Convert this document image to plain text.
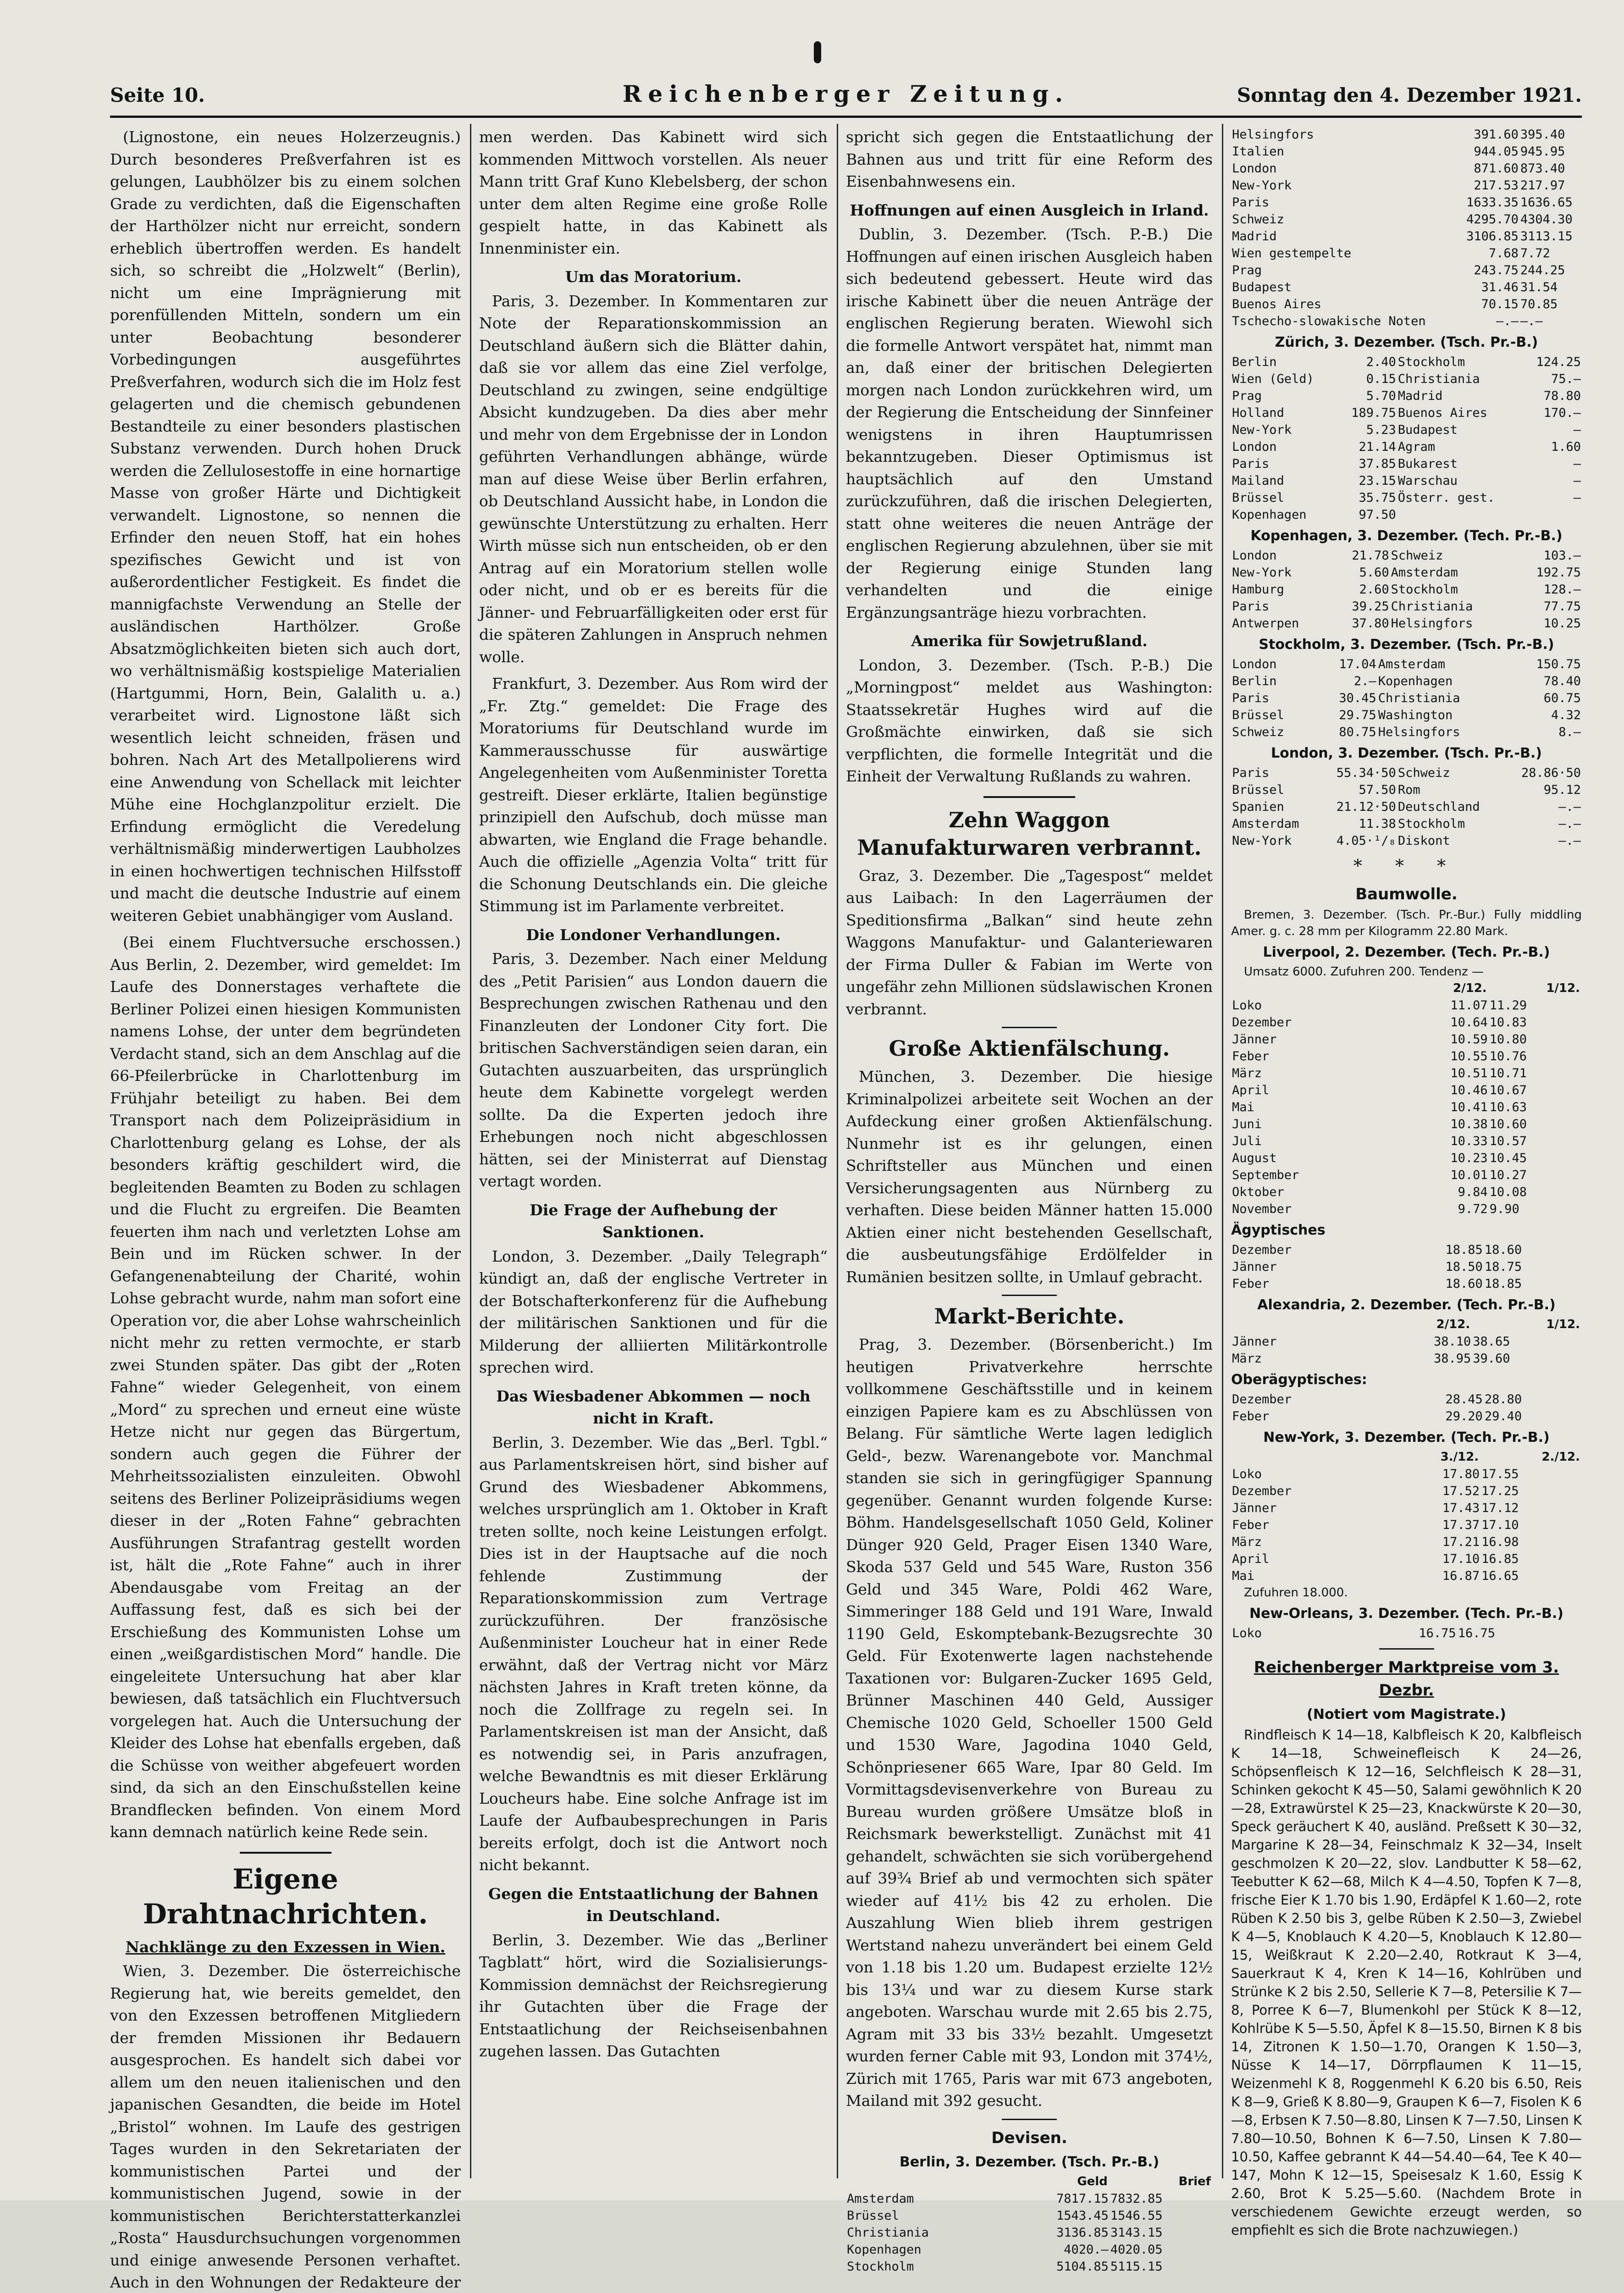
Seite 10.	Reichenberger Zeitung.	Sonntag den 4. Dezember 1921.

(Lignostone, ein neues Holzerzeugnis.) Durch besonderes Preßverfahren ist es gelungen, Laubhölzer bis zu einem solchen Grade zu verdichten, daß die Eigenschaften der Harthölzer nicht nur erreicht, sondern erheblich übertroffen werden. Es handelt sich, so schreibt die „Holzwelt“ (Berlin), nicht um eine Imprägnierung mit porenfüllenden Mitteln, sondern um ein unter Beobachtung besonderer Vorbedingungen ausgeführtes Preßverfahren, wodurch sich die im Holz fest gelagerten und die chemisch gebundenen Bestandteile zu einer besonders plastischen Substanz verwenden. Durch hohen Druck werden die Zellulosestoffe in eine hornartige Masse von großer Härte und Dichtigkeit verwandelt. Lignostone, so nennen die Erfinder den neuen Stoff, hat ein hohes spezifisches Gewicht und ist von außerordentlicher Festigkeit. Es findet die mannigfachste Verwendung an Stelle der ausländischen Harthölzer. Große Absatzmöglichkeiten bieten sich auch dort, wo verhältnismäßig kostspielige Materialien (Hartgummi, Horn, Bein, Galalith u. a.) verarbeitet wird. Lignostone läßt sich wesentlich leicht schneiden, fräsen und bohren. Nach Art des Metallpolierens wird eine Anwendung von Schellack mit leichter Mühe eine Hochglanzpolitur erzielt. Die Erfindung ermöglicht die Veredelung verhältnismäßig minderwertigen Laubholzes in einen hochwertigen technischen Hilfsstoff und macht die deutsche Industrie auf einem weiteren Gebiet unabhängiger vom Ausland.

(Bei einem Fluchtversuche erschossen.) Aus Berlin, 2. Dezember, wird gemeldet: Im Laufe des Donnerstages verhaftete die Berliner Polizei einen hiesigen Kommunisten namens Lohse, der unter dem begründeten Verdacht stand, sich an dem Anschlag auf die 66-Pfeilerbrücke in Charlottenburg im Frühjahr beteiligt zu haben. Bei dem Transport nach dem Polizeipräsidium in Charlottenburg gelang es Lohse, der als besonders kräftig geschildert wird, die begleitenden Beamten zu Boden zu schlagen und die Flucht zu ergreifen. Die Beamten feuerten ihm nach und verletzten Lohse am Bein und im Rücken schwer. In der Gefangenenabteilung der Charité, wohin Lohse gebracht wurde, nahm man sofort eine Operation vor, die aber Lohse wahrscheinlich nicht mehr zu retten vermochte, er starb zwei Stunden später. Das gibt der „Roten Fahne“ wieder Gelegenheit, von einem „Mord“ zu sprechen und erneut eine wüste Hetze nicht nur gegen das Bürgertum, sondern auch gegen die Führer der Mehrheitssozialisten einzuleiten. Obwohl seitens des Berliner Polizeipräsidiums wegen dieser in der „Roten Fahne“ gebrachten Ausführungen Strafantrag gestellt worden ist, hält die „Rote Fahne“ auch in ihrer Abendausgabe vom Freitag an der Auffassung fest, daß es sich bei der Erschießung des Kommunisten Lohse um einen „weißgardistischen Mord“ handle. Die eingeleitete Untersuchung hat aber klar bewiesen, daß tatsächlich ein Fluchtversuch vorgelegen hat. Auch die Untersuchung der Kleider des Lohse hat ebenfalls ergeben, daß die Schüsse von weither abgefeuert worden sind, da sich an den Einschußstellen keine Brandflecken befinden. Von einem Mord kann demnach natürlich keine Rede sein.

Eigene Drahtnachrichten.
Nachklänge zu den Exzessen in Wien.

Wien, 3. Dezember. Die österreichische Regierung hat, wie bereits gemeldet, den von den Exzessen betroffenen Mitgliedern der fremden Missionen ihr Bedauern ausgesprochen. Es handelt sich dabei vor allem um den neuen italienischen und den japanischen Gesandten, die beide im Hotel „Bristol“ wohnen. Im Laufe des gestrigen Tages wurden in den Sekretariaten der kommunistischen Partei und der kommunistischen Jugend, sowie in der kommunistischen Berichterstatterkanzlei „Rosta“ Hausdurchsuchungen vorgenommen und einige anwesende Personen verhaftet. Auch in den Wohnungen der Redakteure der

men werden. Das Kabinett wird sich kommenden Mittwoch vorstellen. Als neuer Mann tritt Graf Kuno Klebelsberg, der schon unter dem alten Regime eine große Rolle gespielt hatte, in das Kabinett als Innenminister ein.

Um das Moratorium.

Paris, 3. Dezember. In Kommentaren zur Note der Reparationskommission an Deutschland äußern sich die Blätter dahin, daß sie vor allem das eine Ziel verfolge, Deutschland zu zwingen, seine endgültige Absicht kundzugeben. Da dies aber mehr und mehr von dem Ergebnisse der in London geführten Verhandlungen abhänge, würde man auf diese Weise über Berlin erfahren, ob Deutschland Aussicht habe, in London die gewünschte Unterstützung zu erhalten. Herr Wirth müsse sich nun entscheiden, ob er den Antrag auf ein Moratorium stellen wolle oder nicht, und ob er es bereits für die Jänner- und Februarfälligkeiten oder erst für die späteren Zahlungen in Anspruch nehmen wolle.

Frankfurt, 3. Dezember. Aus Rom wird der „Fr. Ztg.“ gemeldet: Die Frage des Moratoriums für Deutschland wurde im Kammerausschusse für auswärtige Angelegenheiten vom Außenminister Toretta gestreift. Dieser erklärte, Italien begünstige prinzipiell den Aufschub, doch müsse man abwarten, wie England die Frage behandle. Auch die offizielle „Agenzia Volta“ tritt für die Schonung Deutschlands ein. Die gleiche Stimmung ist im Parlamente verbreitet.

Die Londoner Verhandlungen.

Paris, 3. Dezember. Nach einer Meldung des „Petit Parisien“ aus London dauern die Besprechungen zwischen Rathenau und den Finanzleuten der Londoner City fort. Die britischen Sachverständigen seien daran, ein Gutachten auszuarbeiten, das ursprünglich heute dem Kabinette vorgelegt werden sollte. Da die Experten jedoch ihre Erhebungen noch nicht abgeschlossen hätten, sei der Ministerrat auf Dienstag vertagt worden.

Die Frage der Aufhebung der Sanktionen.

London, 3. Dezember. „Daily Telegraph“ kündigt an, daß der englische Vertreter in der Botschafterkonferenz für die Aufhebung der militärischen Sanktionen und für die Milderung der alliierten Militärkontrolle sprechen wird.

Das Wiesbadener Abkommen — noch nicht in Kraft.

Berlin, 3. Dezember. Wie das „Berl. Tgbl.“ aus Parlamentskreisen hört, sind bisher auf Grund des Wiesbadener Abkommens, welches ursprünglich am 1. Oktober in Kraft treten sollte, noch keine Leistungen erfolgt. Dies ist in der Hauptsache auf die noch fehlende Zustimmung der Reparationskommission zum Vertrage zurückzuführen. Der französische Außenminister Loucheur hat in einer Rede erwähnt, daß der Vertrag nicht vor März nächsten Jahres in Kraft treten könne, da noch die Zollfrage zu regeln sei. In Parlamentskreisen ist man der Ansicht, daß es notwendig sei, in Paris anzufragen, welche Bewandtnis es mit dieser Erklärung Loucheurs habe. Eine solche Anfrage ist im Laufe der Aufbaubesprechungen in Paris bereits erfolgt, doch ist die Antwort noch nicht bekannt.

Gegen die Entstaatlichung der Bahnen in Deutschland.

Berlin, 3. Dezember. Wie das „Berliner Tagblatt“ hört, wird die Sozialisierungs-Kommission demnächst der Reichsregierung ihr Gutachten über die Frage der Entstaatlichung der Reichseisenbahnen zugehen lassen. Das Gutachten

spricht sich gegen die Entstaatlichung der Bahnen aus und tritt für eine Reform des Eisenbahnwesens ein.

Hoffnungen auf einen Ausgleich in Irland.

Dublin, 3. Dezember. (Tsch. P.-B.) Die Hoffnungen auf einen irischen Ausgleich haben sich bedeutend gebessert. Heute wird das irische Kabinett über die neuen Anträge der englischen Regierung beraten. Wiewohl sich die formelle Antwort verspätet hat, nimmt man an, daß einer der britischen Delegierten morgen nach London zurückkehren wird, um der Regierung die Entscheidung der Sinnfeiner wenigstens in ihren Hauptumrissen bekanntzugeben. Dieser Optimismus ist hauptsächlich auf den Umstand zurückzuführen, daß die irischen Delegierten, statt ohne weiteres die neuen Anträge der englischen Regierung abzulehnen, über sie mit der Regierung einige Stunden lang verhandelten und die einige Ergänzungsanträge hiezu vorbrachten.

Amerika für Sowjetrußland.

London, 3. Dezember. (Tsch. P.-B.) Die „Morningpost“ meldet aus Washington: Staatssekretär Hughes wird auf die Großmächte einwirken, daß sie sich verpflichten, die formelle Integrität und die Einheit der Verwaltung Rußlands zu wahren.

Zehn Waggon Manufakturwaren verbrannt.

Graz, 3. Dezember. Die „Tagespost“ meldet aus Laibach: In den Lagerräumen der Speditionsfirma „Balkan“ sind heute zehn Waggons Manufaktur- und Galanteriewaren der Firma Duller & Fabian im Werte von ungefähr zehn Millionen südslawischen Kronen verbrannt.

Große Aktienfälschung.

München, 3. Dezember. Die hiesige Kriminalpolizei arbeitete seit Wochen an der Aufdeckung einer großen Aktienfälschung. Nunmehr ist es ihr gelungen, einen Schriftsteller aus München und einen Versicherungsagenten aus Nürnberg zu verhaften. Diese beiden Männer hatten 15.000 Aktien einer nicht bestehenden Gesellschaft, die ausbeutungsfähige Erdölfelder in Rumänien besitzen sollte, in Umlauf gebracht.

Markt-Berichte.

Prag, 3. Dezember. (Börsenbericht.) Im heutigen Privatverkehre herrschte vollkommene Geschäftsstille und in keinem einzigen Papiere kam es zu Abschlüssen von Belang. Für sämtliche Werte lagen lediglich Geld-, bezw. Warenangebote vor. Manchmal standen sie sich in geringfügiger Spannung gegenüber. Genannt wurden folgende Kurse: Böhm. Handelsgesellschaft 1050 Geld, Koliner Dünger 920 Geld, Prager Eisen 1340 Ware, Skoda 537 Geld und 545 Ware, Ruston 356 Geld und 345 Ware, Poldi 462 Ware, Simmeringer 188 Geld und 191 Ware, Inwald 1190 Geld, Eskomptebank-Bezugsrechte 30 Geld. Für Exotenwerte lagen nachstehende Taxationen vor: Bulgaren-Zucker 1695 Geld, Brünner Maschinen 440 Geld, Aussiger Chemische 1020 Geld, Schoeller 1500 Geld und 1530 Ware, Jagodina 1040 Geld, Schönpriesener 665 Ware, Ipar 80 Geld. Im Vormittagsdevisenverkehre von Bureau zu Bureau wurden größere Umsätze bloß in Reichsmark bewerkstelligt. Zunächst mit 41 gehandelt, schwächten sie sich vorübergehend auf 39¾ Brief ab und vermochten sich später wieder auf 41½ bis 42 zu erholen. Die Auszahlung Wien blieb ihrem gestrigen Wertstand nahezu unverändert bei einem Geld von 1.18 bis 1.20 um. Budapest erzielte 12½ bis 13¼ und war zu diesem Kurse stark angeboten. Warschau wurde mit 2.65 bis 2.75, Agram mit 33 bis 33½ bezahlt. Umgesetzt wurden ferner Cable mit 93, London mit 374½, Zürich mit 1765, Paris war mit 673 angeboten, Mailand mit 392 gesucht.

Devisen.
Berlin, 3. Dezember. (Tsch. Pr.-B.)
	Geld	Brief
Amsterdam	7817.15	7832.85
Brüssel	1543.45	1546.55
Christiania	3136.85	3143.15
Kopenhagen	4020.—	4020.05
Stockholm	5104.85	5115.15
Helsingfors	391.60	395.40
Italien	944.05	945.95
London	871.60	873.40
New-York	217.53	217.97
Paris	1633.35	1636.65
Schweiz	4295.70	4304.30
Madrid	3106.85	3113.15
Wien gestempelte	7.68	7.72
Prag	243.75	244.25
Budapest	31.46	31.54
Buenos Aires	70.15	70.85
Tschecho-slowakische Noten	—.—	—.—
Zürich, 3. Dezember. (Tsch. Pr.-B.)
Berlin	2.40	Stockholm	124.25
Wien (Geld)	0.15	Christiania	75.—
Prag	5.70	Madrid	78.80
Holland	189.75	Buenos Aires	170.—
New-York	5.23	Budapest	—
London	21.14	Agram	1.60
Paris	37.85	Bukarest	—
Mailand	23.15	Warschau	—
Brüssel	35.75	Österr. gest.	—
Kopenhagen	97.50		
Kopenhagen, 3. Dezember. (Tech. Pr.-B.)
London	21.78	Schweiz	103.—
New-York	5.60	Amsterdam	192.75
Hamburg	2.60	Stockholm	128.—
Paris	39.25	Christiania	77.75
Antwerpen	37.80	Helsingfors	10.25
Stockholm, 3. Dezember. (Tsch. Pr.-B.)
London	17.04	Amsterdam	150.75
Berlin	2.—	Kopenhagen	78.40
Paris	30.45	Christiania	60.75
Brüssel	29.75	Washington	4.32
Schweiz	80.75	Helsingfors	8.—
London, 3. Dezember. (Tsch. Pr.-B.)
Paris	55.34·50	Schweiz	28.86·50
Brüssel	57.50	Rom	95.12
Spanien	21.12·50	Deutschland	—.—
Amsterdam	11.38	Stockholm	—.—
New-York	4.05·¹/₈	Diskont	—.—
* * *
Baumwolle.

Bremen, 3. Dezember. (Tsch. Pr.-Bur.) Fully middling Amer. g. c. 28 mm per Kilogramm 22.80 Mark.

Liverpool, 2. Dezember. (Tech. Pr.-B.)

Umsatz 6000. Zufuhren 200. Tendenz —

	2/12.	1/12.
Loko	11.07	11.29
Dezember	10.64	10.83
Jänner	10.59	10.80
Feber	10.55	10.76
März	10.51	10.71
April	10.46	10.67
Mai	10.41	10.63
Juni	10.38	10.60
Juli	10.33	10.57
August	10.23	10.45
September	10.01	10.27
Oktober	9.84	10.08
November	9.72	9.90
Ägyptisches
Dezember	18.85	18.60
Jänner	18.50	18.75
Feber	18.60	18.85
Alexandria, 2. Dezember. (Tech. Pr.-B.)
	2/12.	1/12.
Jänner	38.10	38.65
März	38.95	39.60
Oberägyptisches:
Dezember	28.45	28.80
Feber	29.20	29.40
New-York, 3. Dezember. (Tech. Pr.-B.)
	3./12.	2./12.
Loko	17.80	17.55
Dezember	17.52	17.25
Jänner	17.43	17.12
Feber	17.37	17.10
März	17.21	16.98
April	17.10	16.85
Mai	16.87	16.65

Zufuhren 18.000.

New-Orleans, 3. Dezember. (Tech. Pr.-B.)
Loko	16.75	16.75
Reichenberger Marktpreise vom 3. Dezbr.
(Notiert vom Magistrate.)

Rindfleisch K 14—18, Kalbfleisch K 20, Kalbfleisch K 14—18, Schweinefleisch K 24—26, Schöpsenfleisch K 12—16, Selchfleisch K 28—31, Schinken gekocht K 45—50, Salami gewöhnlich K 20—28, Extrawürstel K 25—23, Knackwürste K 20—30, Speck geräuchert K 40, ausländ. Preßsett K 30—32, Margarine K 28—34, Feinschmalz K 32—34, Inselt geschmolzen K 20—22, slov. Landbutter K 58—62, Teebutter K 62—68, Milch K 4—4.50, Topfen K 7—8, frische Eier K 1.70 bis 1.90, Erdäpfel K 1.60—2, rote Rüben K 2.50 bis 3, gelbe Rüben K 2.50—3, Zwiebel K 4—5, Knoblauch K 4.20—5, Knoblauch K 12.80—15, Weißkraut K 2.20—2.40, Rotkraut K 3—4, Sauerkraut K 4, Kren K 14—16, Kohlrüben und Strünke K 2 bis 2.50, Sellerie K 7—8, Petersilie K 7—8, Porree K 6—7, Blumenkohl per Stück K 8—12, Kohlrübe K 5—5.50, Äpfel K 8—15.50, Birnen K 8 bis 14, Zitronen K 1.50—1.70, Orangen K 1.50—3, Nüsse K 14—17, Dörrpflaumen K 11—15, Weizenmehl K 8, Roggenmehl K 6.20 bis 6.50, Reis K 8—9, Grieß K 8.80—9, Graupen K 6—7, Fisolen K 6—8, Erbsen K 7.50—8.80, Linsen K 7—7.50, Linsen K 7.80—10.50, Bohnen K 6—7.50, Linsen K 7.80—10.50, Kaffee gebrannt K 44—54.40—64, Tee K 40—147, Mohn K 12—15, Speisesalz K 1.60, Essig K 2.60, Brot K 5.25—5.60. (Nachdem Brote in verschiedenem Gewichte erzeugt werden, so empfiehlt es sich die Brote nachzuwiegen.)
